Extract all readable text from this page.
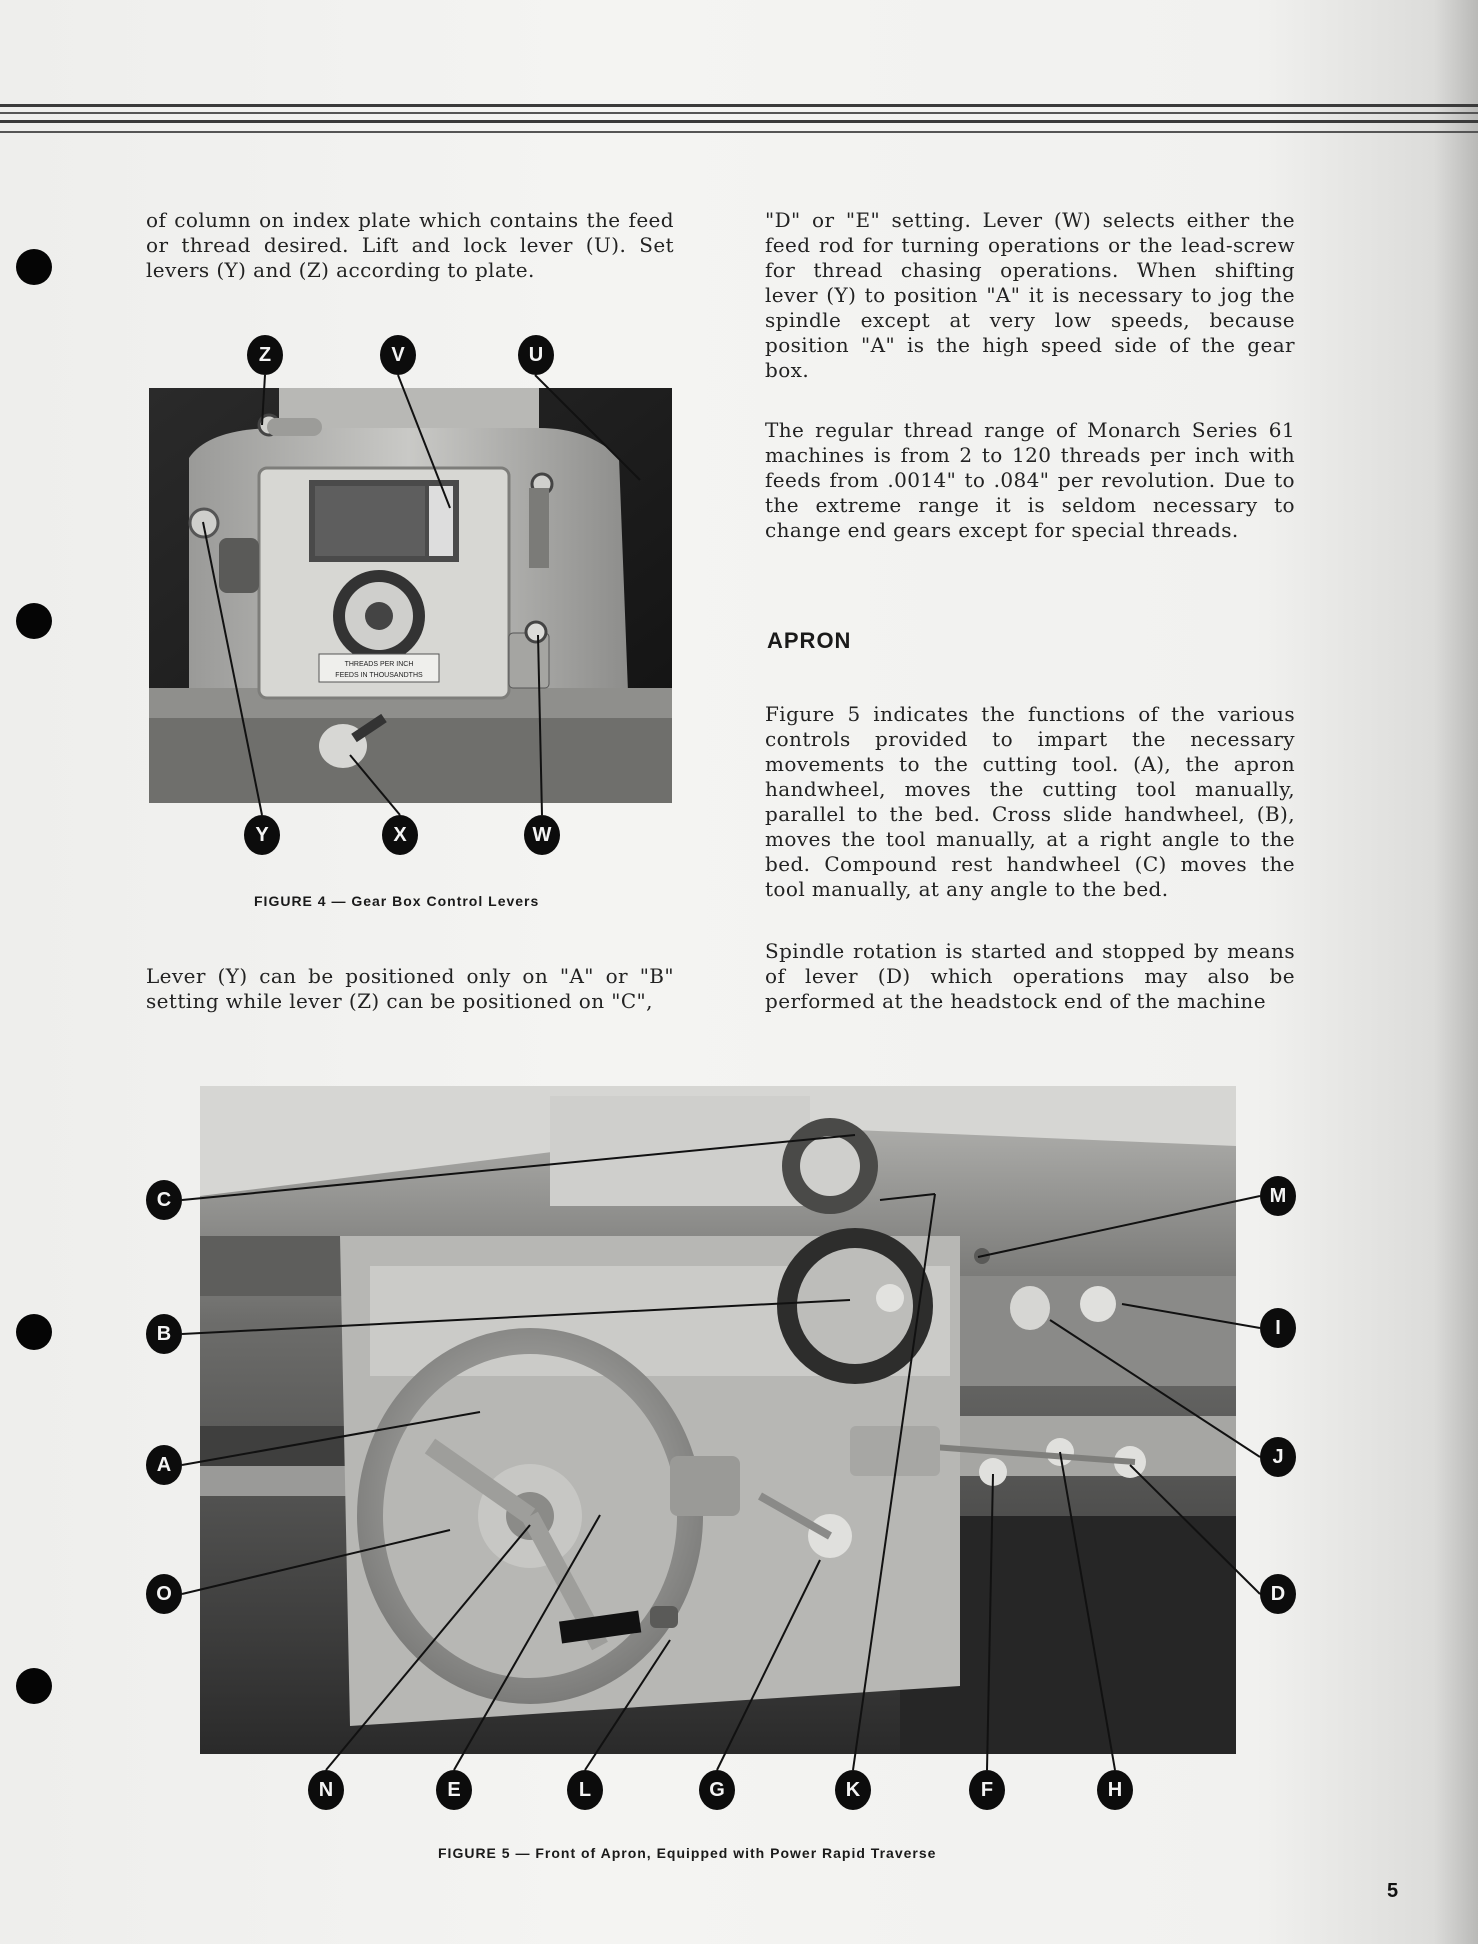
of column on index plate which contains the feed or thread desired. Lift and lock lever (U). Set levers (Y) and (Z) according to plate.

THREADS PER INCH
FEEDS IN THOUSANDTHS
Z	V	U
Y	X	W
FIGURE 4 — Gear Box Control Levers

Lever (Y) can be positioned only on "A" or "B" setting while lever (Z) can be positioned on "C",

"D" or "E" setting. Lever (W) selects either the feed rod for turning operations or the lead-screw for thread chasing operations. When shifting lever (Y) to position "A" it is necessary to jog the spindle except at very low speeds, because position "A" is the high speed side of the gear box.

The regular thread range of Monarch Series 61 machines is from 2 to 120 threads per inch with feeds from .0014" to .084" per revolution. Due to the extreme range it is seldom necessary to change end gears except for special threads.

APRON

Figure 5 indicates the functions of the various controls provided to impart the necessary movements to the cutting tool. (A), the apron handwheel, moves the cutting tool manually, parallel to the bed. Cross slide handwheel, (B), moves the tool manually, at a right angle to the bed. Compound rest handwheel (C) moves the tool manually, at any angle to the bed.

Spindle rotation is started and stopped by means of lever (D) which operations may also be performed at the headstock end of the machine

C
B
A
O
M
I
J
D
N	E	L	G	K	F	H
FIGURE 5 — Front of Apron, Equipped with Power Rapid Traverse
5
